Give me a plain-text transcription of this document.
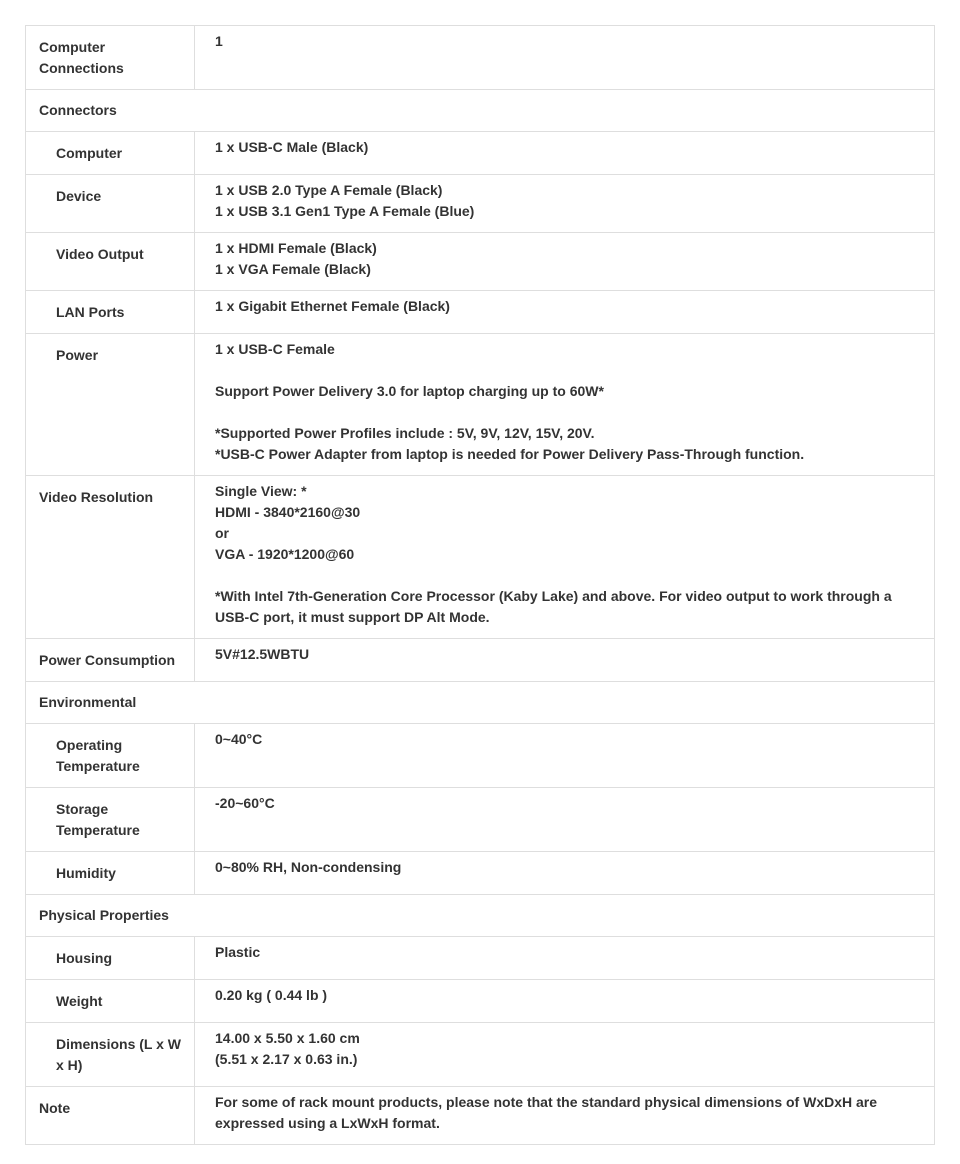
Computer Connections	1

Connectors	
Computer	1 x USB-C Male (Black)

Device	1 x USB 2.0 Type A Female (Black)
1 x USB 3.1 Gen1 Type A Female (Blue)

Video Output	1 x HDMI Female (Black)
1 x VGA Female (Black)

LAN Ports	1 x Gigabit Ethernet Female (Black)

Power	1 x USB-C Female
Support Power Delivery 3.0 for laptop charging up to 60W*
*Supported Power Profiles include : 5V, 9V, 12V, 15V, 20V.
*USB-C Power Adapter from laptop is needed for Power Delivery Pass-Through function.

Video Resolution	Single View: *
HDMI - 3840*2160@30
or
VGA - 1920*1200@60
*With Intel 7th-Generation Core Processor (Kaby Lake) and above. For video output to work through a USB-C port, it must support DP Alt Mode.

Power Consumption	5V#12.5WBTU

Environmental	
Operating Temperature	0~40°C

Storage Temperature	-20~60°C

Humidity	0~80% RH, Non-condensing

Physical Properties	
Housing	Plastic

Weight	0.20 kg ( 0.44 lb )

Dimensions (L x W x H)	14.00 x 5.50 x 1.60 cm
(5.51 x 2.17 x 0.63 in.)

Note	For some of rack mount products, please note that the standard physical dimensions of WxDxH are expressed using a LxWxH format.
